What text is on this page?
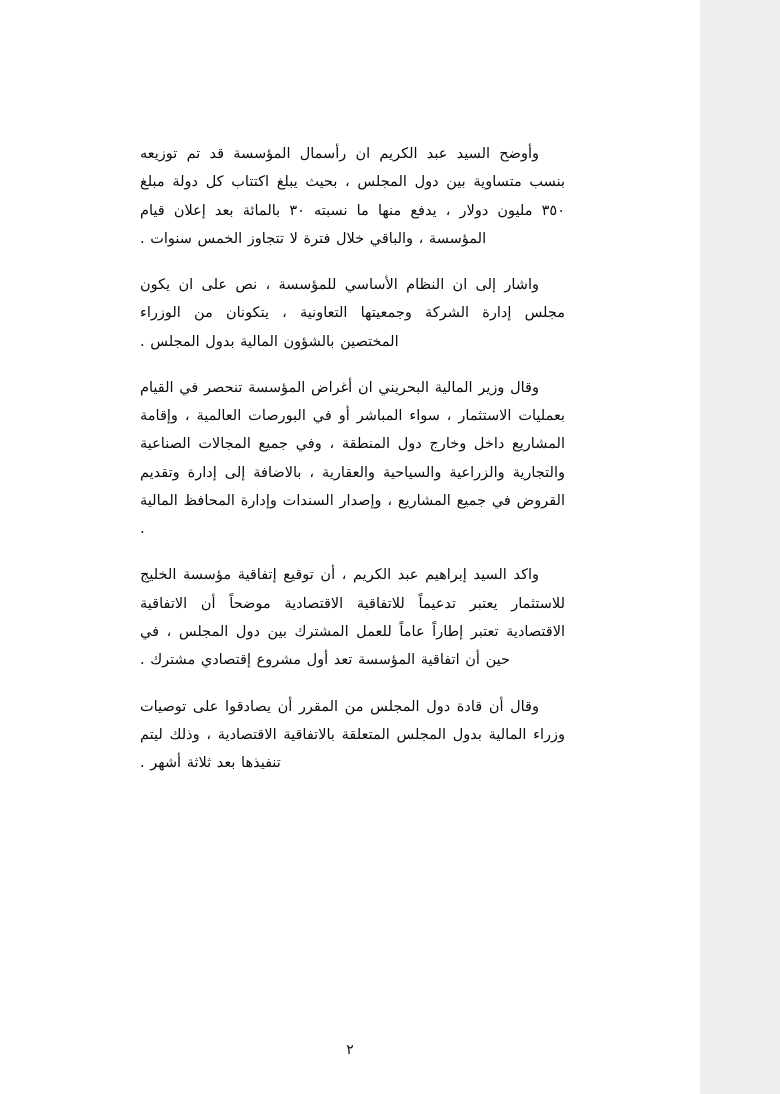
وأوضح السيد عبد الكريم ان رأسمال المؤسسة قد تم توزيعه بنسب متساوية بين دول المجلس ، بحيث يبلغ اكتتاب كل دولة مبلغ ٣٥٠ مليون دولار ، يدفع منها ما نسبته ٣٠ بالمائة بعد إعلان قيام المؤسسة ، والباقي خلال فترة لا تتجاوز الخمس سنوات .

واشار إلى ان النظام الأساسي للمؤسسة ، نص على ان يكون مجلس إدارة الشركة وجمعيتها التعاونية ، يتكونان من الوزراء المختصين بالشؤون المالية بدول المجلس .

وقال وزير المالية البحريني ان أغراض المؤسسة تنحصر في القيام بعمليات الاستثمار ، سواء المباشر أو في البورصات العالمية ، وإقامة المشاريع داخل وخارج دول المنطقة ، وفي جميع المجالات الصناعية والتجارية والزراعية والسياحية والعقارية ، بالاضافة إلى إدارة وتقديم القروض في جميع المشاريع ، وإصدار السندات وإدارة المحافظ المالية .

واكد السيد إبراهيم عبد الكريم ، أن توقيع إتفاقية مؤسسة الخليج للاستثمار يعتبر تدعيماً للاتفاقية الاقتصادية موضحاً أن الاتفاقية الاقتصادية تعتبر إطاراً عاماً للعمل المشترك بين دول المجلس ، في حين أن اتفاقية المؤسسة تعد أول مشروع إقتصادي مشترك .

وقال أن قادة دول المجلس من المقرر أن يصادقوا على توصيات وزراء المالية بدول المجلس المتعلقة بالاتفاقية الاقتصادية ، وذلك ليتم تنفيذها بعد ثلاثة أشهر .

٢
